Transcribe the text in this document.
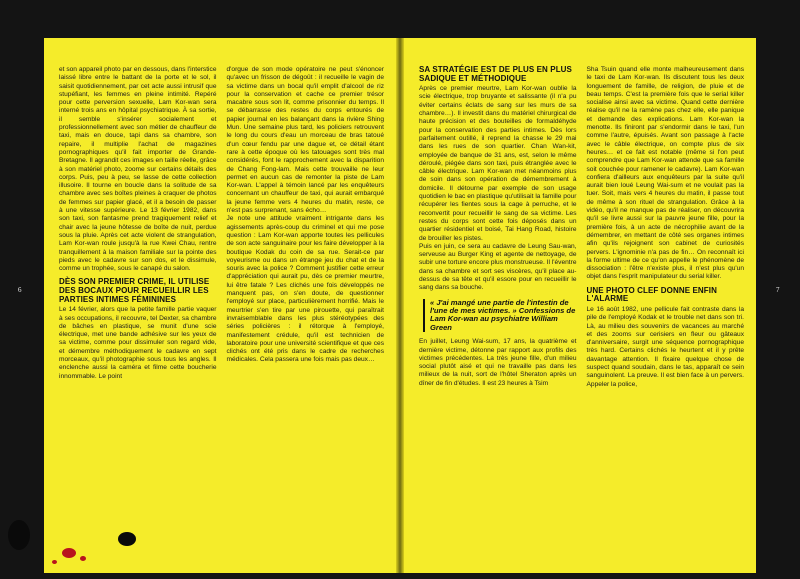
et son appareil photo par en dessous, dans l'interstice laissé libre entre le battant de la porte et le sol, il saisit quotidiennement, par cet acte aussi intrusif que stupéfiant, les femmes en pleine intimité. Repéré pour cette perversion sexuelle, Lam Kor-wan sera interné trois ans en hôpital psychiatrique. À sa sortie, il semble s'insérer socialement et professionnellement avec son métier de chauffeur de taxi, mais en douce, tapi dans sa chambre, son repaire, il multiplie l'achat de magazines pornographiques qu'il fait importer de Grande-Bretagne. Il agrandit ces images en taille réelle, grâce à son matériel photo, zoome sur certains détails des corps. Puis, peu à peu, se lasse de cette collection illusoire. Il tourne en boucle dans la solitude de sa chambre avec ses boîtes pleines à craquer de photos de femmes sur papier glacé, et il a besoin de passer à une vitesse supérieure. Le 13 février 1982, dans son taxi, son fantasme prend tragiquement relief et chair avec la jeune hôtesse de boîte de nuit, perdue sous la pluie. Après cet acte violent de strangulation, Lam Kor-wan roule jusqu'à la rue Kwei Chau, rentre tranquillement à la maison familiale sur la pointe des pieds avec le cadavre sur son dos, et le dissimule, comme un trophée, sous le canapé du salon.

DÈS SON PREMIER CRIME, IL UTILISE DES BOCAUX POUR RECUEILLIR LES PARTIES INTIMES FÉMININES

Le 14 février, alors que la petite famille partie vaquer à ses occupations, il recouvre, tel Dexter, sa chambre de bâches en plastique, se munit d'une scie électrique, met une bande adhésive sur les yeux de sa victime, comme pour dissimuler son regard vide, et démembre méthodiquement le cadavre en sept morceaux, qu'il photographie sous tous les angles. Il enclenche aussi la caméra et filme cette boucherie innommable. Le point

d'orgue de son mode opératoire ne peut s'énoncer qu'avec un frisson de dégoût : il recueille le vagin de sa victime dans un bocal qu'il emplit d'alcool de riz pour la conservation et cache ce premier trésor macabre sous son lit, comme prisonnier du temps. Il se débarrasse des restes du corps entourés de papier journal en les balançant dans la rivière Shing Mun. Une semaine plus tard, les policiers retrouvent le long du cours d'eau un morceau de bras tatoué d'un cœur fendu par une dague et, ce détail étant rare à cette époque où les tatouages sont très mal considérés, font le rapprochement avec la disparition de Chang Fong-lam. Mais cette trouvaille ne leur permet en aucun cas de remonter la piste de Lam Kor-wan. L'appel à témoin lancé par les enquêteurs concernant un chauffeur de taxi, qui aurait embarqué la jeune femme vers 4 heures du matin, reste, ce n'est pas surprenant, sans écho…

Je note une attitude vraiment intrigante dans les agissements après-coup du criminel et qui me pose question : Lam Kor-wan apporte toutes les pellicules de son acte sanguinaire pour les faire développer à la boutique Kodak du coin de sa rue. Serait-ce par voyeurisme ou dans un étrange jeu du chat et de la souris avec la police ? Comment justifier cette erreur d'appréciation qui aurait pu, dès ce premier meurtre, lui être fatale ? Les clichés une fois développés ne manquent pas, on s'en doute, de questionner l'employé sur place, particulièrement horrifié. Mais le meurtrier s'en tire par une pirouette, qui paraîtrait invraisemblable dans les plus stéréotypées des séries policières : il rétorque à l'employé, manifestement crédule, qu'il est technicien de laboratoire pour une université scientifique et que ces clichés ont été pris dans le cadre de recherches médicales. Cela passera une fois mais pas deux…

SA STRATÉGIE EST DE PLUS EN PLUS SADIQUE ET MÉTHODIQUE

Après ce premier meurtre, Lam Kor-wan oublie la scie électrique, trop bruyante et salissante (il n'a pu éviter certains éclats de sang sur les murs de sa chambre…). Il investit dans du matériel chirurgical de haute précision et des bouteilles de formaldéhyde pour la conservation des parties intimes. Dès lors parfaitement outillé, il reprend la chasse le 29 mai dans les rues de son quartier. Chan Wan-kit, employée de banque de 31 ans, est, selon le même déroulé, piégée dans son taxi, puis étranglée avec le câble électrique. Lam Kor-wan met néanmoins plus de soin dans son opération de démembrement à domicile. Il détourne par exemple de son usage quotidien le bac en plastique qu'utilisait la famille pour récupérer les fientes sous la cage à perruche, et le reconvertit pour recueillir le sang de sa victime. Les restes du corps sont cette fois déposés dans un quartier résidentiel et boisé, Tai Hang Road, histoire de brouiller les pistes.

Puis en juin, ce sera au cadavre de Leung Sau-wan, serveuse au Burger King et agente de nettoyage, de subir une torture encore plus monstrueuse. Il l'éventre dans sa chambre et sort ses viscères, qu'il place au-dessus de sa tête et qu'il essore pour en recueillir le sang dans sa bouche.

« J'ai mangé une partie de l'intestin de l'une de mes victimes. » Confessions de Lam Kor-wan au psychiatre William Green

En juillet, Leung Wai-sum, 17 ans, la quatrième et dernière victime, détonne par rapport aux profils des victimes précédentes. La très jeune fille, d'un milieu social plutôt aisé et qui ne travaille pas dans les milieux de la nuit, sort de l'hôtel Sheraton après un dîner de fin d'études. Il est 23 heures à Tsim

Sha Tsuin quand elle monte malheureusement dans le taxi de Lam Kor-wan. Ils discutent tous les deux longuement de famille, de religion, de pluie et de beau temps. C'est la première fois que le serial killer socialise ainsi avec sa victime. Quand cette dernière réalise qu'il ne la ramène pas chez elle, elle panique et demande des explications. Lam Kor-wan la menotte. Ils finiront par s'endormir dans le taxi, l'un comme l'autre, épuisés. Avant son passage à l'acte avec le câble électrique, on compte plus de six heures… et ce fait est notable (même si l'on peut comprendre que Lam Kor-wan attende que sa famille soit couchée pour ramener le cadavre). Lam Kor-wan confiera d'ailleurs aux enquêteurs par la suite qu'il aurait bien loué Leung Wai-sum et ne voulait pas la tuer. Soit, mais vers 4 heures du matin, il passe tout de même à son rituel de strangulation. Grâce à la vidéo, qu'il ne manque pas de réaliser, on découvrira qu'il se livre aussi sur la pauvre jeune fille, pour la première fois, à un acte de nécrophilie avant de la démembrer, en mettant de côté ses organes intimes afin qu'ils rejoignent son cabinet de curiosités pervers. L'ignominie n'a pas de fin… On reconnaît ici la forme ultime de ce qu'on appelle le phénomène de dissociation : l'être n'existe plus, il n'est plus qu'un objet dans l'esprit manipulateur du serial killer.

UNE PHOTO CLEF DONNE ENFIN L'ALARME

Le 16 août 1982, une pellicule fait contraste dans la pile de l'employé Kodak et le trouble net dans son tri. Là, au milieu des souvenirs de vacances au marché et des zooms sur cerisiers en fleur ou gâteaux d'anniversaire, surgit une séquence pornographique très hard. Certains clichés le heurtent et il y prête davantage attention. Il fixaire quelque chose de suspect quand soudain, dans le tas, apparaît ce sein sanguinolent. La preuve. Il est bien face à un pervers. Appeler la police,

6	7
